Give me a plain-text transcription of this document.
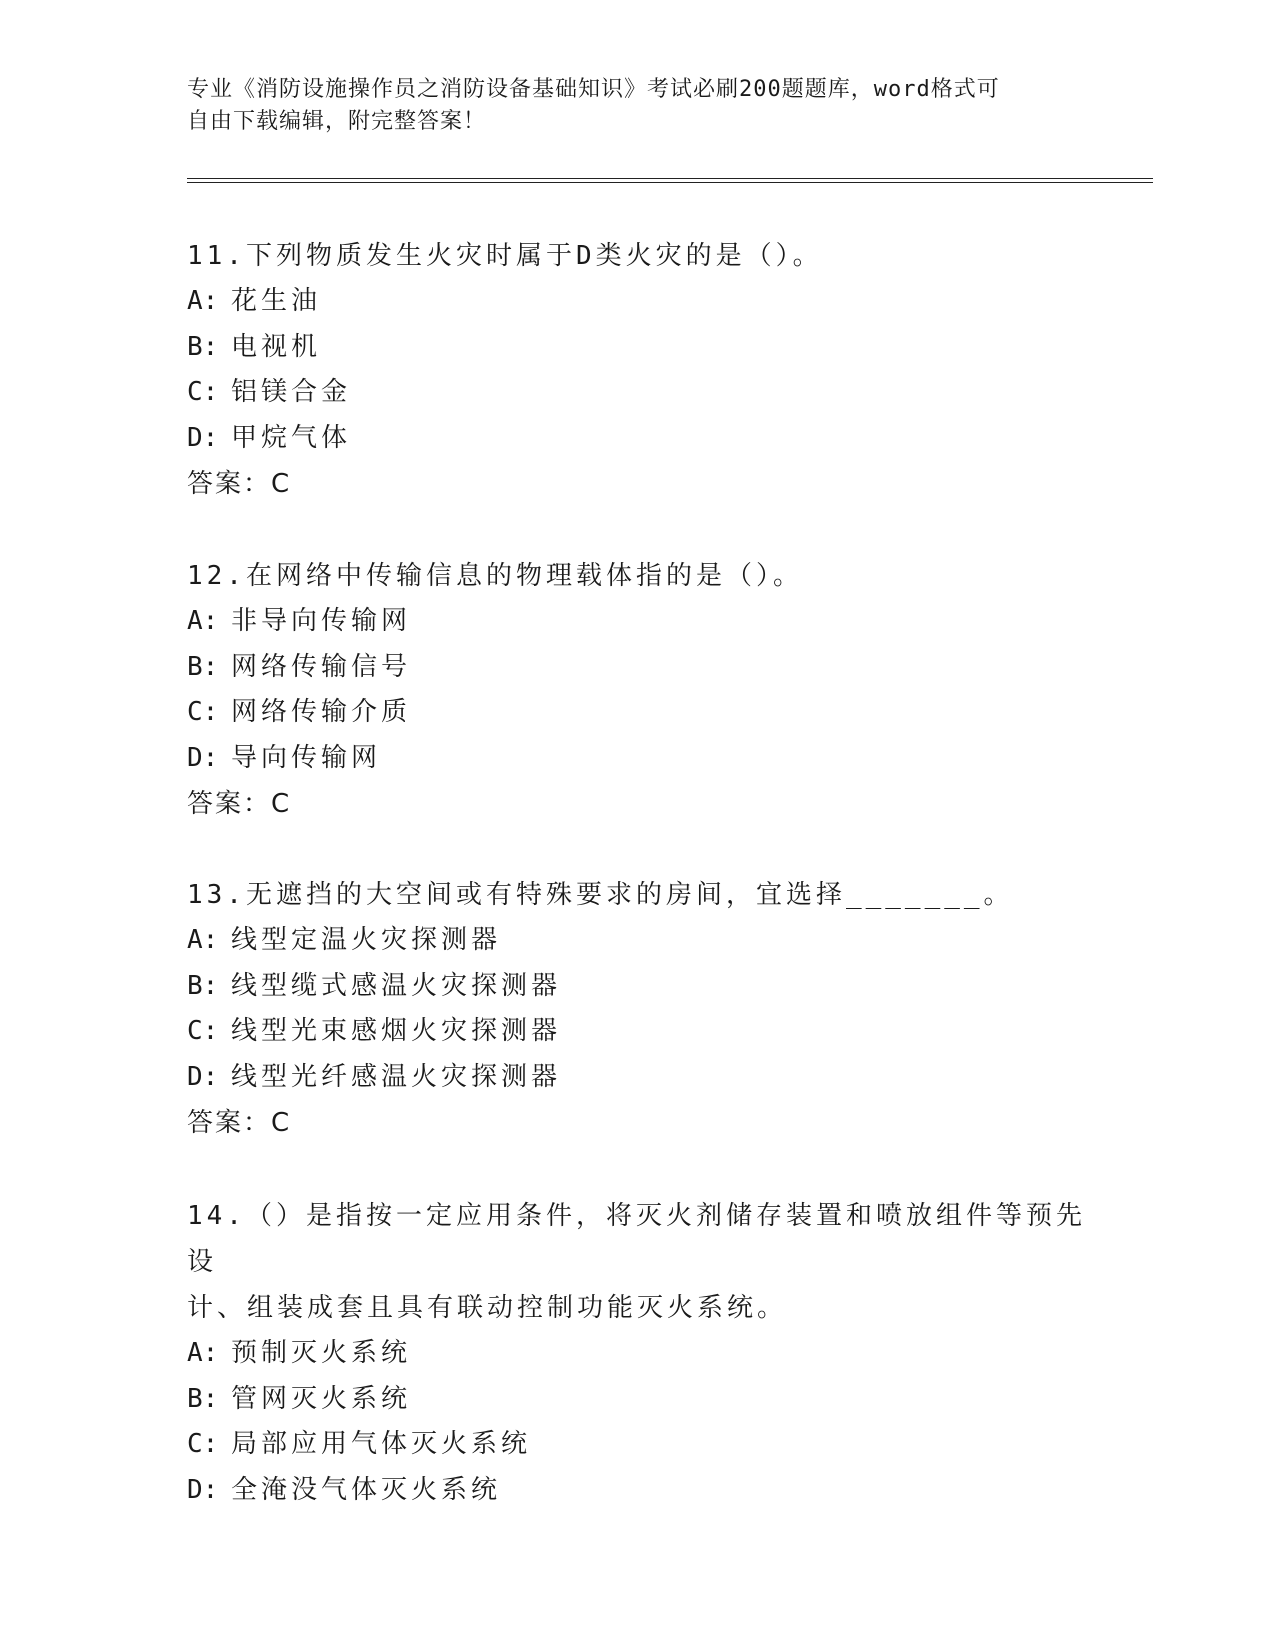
专业《消防设施操作员之消防设备基础知识》考试必刷200题题库，word格式可
自由下载编辑，附完整答案！

11.下列物质发生火灾时属于D类火灾的是（）。

A: 花生油

B: 电视机

C: 铝镁合金

D: 甲烷气体

答案：C

12.在网络中传输信息的物理载体指的是（）。

A: 非导向传输网

B: 网络传输信号

C: 网络传输介质

D: 导向传输网

答案：C

13.无遮挡的大空间或有特殊要求的房间，宜选择_______。

A: 线型定温火灾探测器

B: 线型缆式感温火灾探测器

C: 线型光束感烟火灾探测器

D: 线型光纤感温火灾探测器

答案：C

14.（）是指按一定应用条件，将灭火剂储存装置和喷放组件等预先设

计、组装成套且具有联动控制功能灭火系统。

A: 预制灭火系统

B: 管网灭火系统

C: 局部应用气体灭火系统

D: 全淹没气体灭火系统
